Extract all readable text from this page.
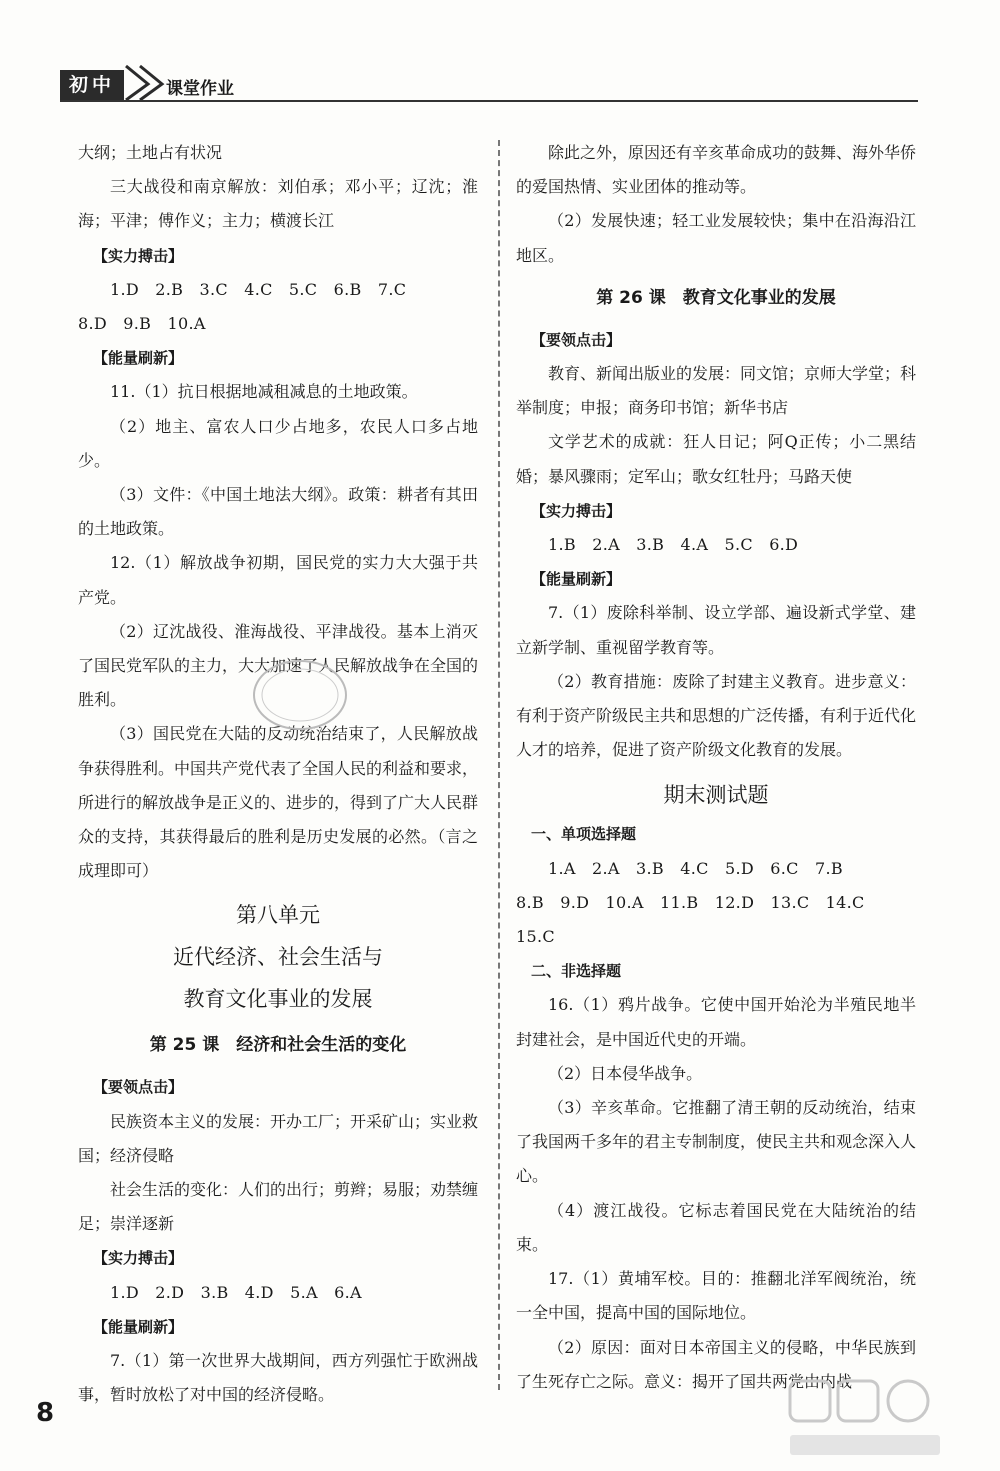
初中	课堂作业

大纲；土地占有状况

三大战役和南京解放：刘伯承；邓小平；辽沈；淮海；平津；傅作义；主力；横渡长江

【实力搏击】
1.D　2.B　3.C　4.C　5.C　6.B　7.C
8.D　9.B　10.A
【能量刷新】

11.（1）抗日根据地减租减息的土地政策。

（2）地主、富农人口少占地多，农民人口多占地少。

（3）文件：《中国土地法大纲》。政策：耕者有其田的土地政策。

12.（1）解放战争初期，国民党的实力大大强于共产党。

（2）辽沈战役、淮海战役、平津战役。基本上消灭了国民党军队的主力，大大加速了人民解放战争在全国的胜利。

（3）国民党在大陆的反动统治结束了，人民解放战争获得胜利。中国共产党代表了全国人民的利益和要求，所进行的解放战争是正义的、进步的，得到了广大人民群众的支持，其获得最后的胜利是历史发展的必然。（言之成理即可）

第八单元
近代经济、社会生活与
教育文化事业的发展
第 25 课　经济和社会生活的变化
【要领点击】

民族资本主义的发展：开办工厂；开采矿山；实业救国；经济侵略

社会生活的变化：人们的出行；剪辫；易服；劝禁缠足；崇洋逐新

【实力搏击】
1.D　2.D　3.B　4.D　5.A　6.A
【能量刷新】

7.（1）第一次世界大战期间，西方列强忙于欧洲战事，暂时放松了对中国的经济侵略。

除此之外，原因还有辛亥革命成功的鼓舞、海外华侨的爱国热情、实业团体的推动等。

（2）发展快速；轻工业发展较快；集中在沿海沿江地区。

第 26 课　教育文化事业的发展
【要领点击】

教育、新闻出版业的发展：同文馆；京师大学堂；科举制度；申报；商务印书馆；新华书店

文学艺术的成就：狂人日记；阿Q正传；小二黑结婚；暴风骤雨；定军山；歌女红牡丹；马路天使

【实力搏击】
1.B　2.A　3.B　4.A　5.C　6.D
【能量刷新】

7.（1）废除科举制、设立学部、遍设新式学堂、建立新学制、重视留学教育等。

（2）教育措施：废除了封建主义教育。进步意义：有利于资产阶级民主共和思想的广泛传播，有利于近代化人才的培养，促进了资产阶级文化教育的发展。

期末测试题
一、单项选择题
1.A　2.A　3.B　4.C　5.D　6.C　7.B
8.B　9.D　10.A　11.B　12.D　13.C　14.C
15.C
二、非选择题

16.（1）鸦片战争。它使中国开始沦为半殖民地半封建社会，是中国近代史的开端。

（2）日本侵华战争。

（3）辛亥革命。它推翻了清王朝的反动统治，结束了我国两千多年的君主专制制度，使民主共和观念深入人心。

（4）渡江战役。它标志着国民党在大陆统治的结束。

17.（1）黄埔军校。目的：推翻北洋军阀统治，统一全中国，提高中国的国际地位。

（2）原因：面对日本帝国主义的侵略，中华民族到了生死存亡之际。意义：揭开了国共两党由内战

8
